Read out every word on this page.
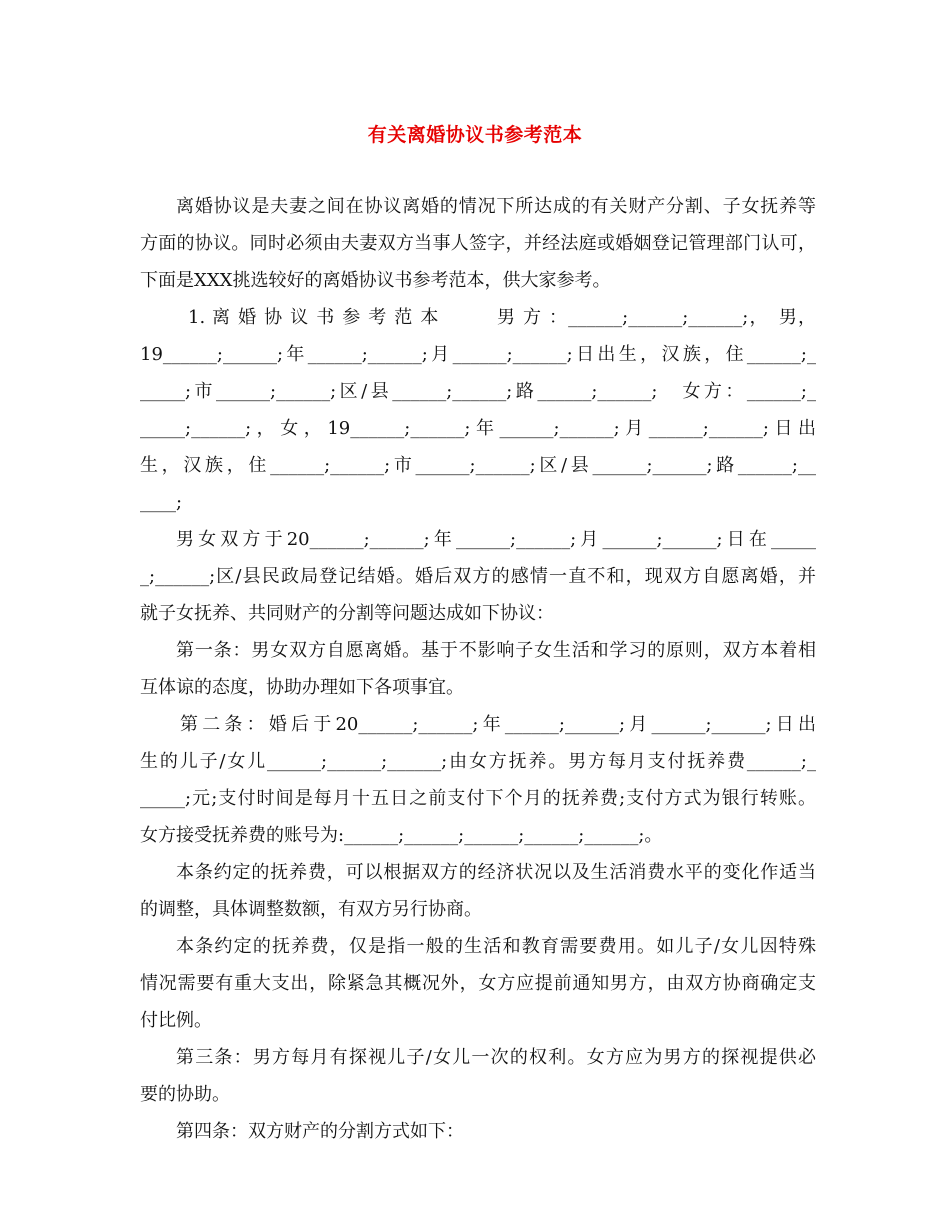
有关离婚协议书参考范本
离婚协议是夫妻之间在协议离婚的情况下所达成的有关财产分割、子女抚养等
方面的协议。同时必须由夫妻双方当事人签字，并经法庭或婚姻登记管理部门认可，
下面是XXX挑选较好的离婚协议书参考范本，供大家参考。
1. 离 婚 协 议 书 参 考 范 本　　　男 方 ：______;______;______;，　男，
19______;______;年______;______;月______;______;日出生，汉族，住______;_
_____;市______;______;区/县______;______;路______;______;　女方：______;_
_____;______;，女，19______;______;年______;______;月______;______;日出
生，汉族，住______;______;市______;______;区/县______;______;路______;__
____;
男女双方于20______;______;年______;______;月______;______;日在_____
_;______;区/县民政局登记结婚。婚后双方的感情一直不和，现双方自愿离婚，并
就子女抚养、共同财产的分割等问题达成如下协议：
第一条：男女双方自愿离婚。基于不影响子女生活和学习的原则，双方本着相
互体谅的态度，协助办理如下各项事宜。
第二条：婚后于20______;______;年______;______;月______;______;日出
生的儿子/女儿______;______;______;由女方抚养。男方每月支付抚养费______;_
_____;元;支付时间是每月十五日之前支付下个月的抚养费;支付方式为银行转账。
女方接受抚养费的账号为:______;______;______;______;______;。
本条约定的抚养费，可以根据双方的经济状况以及生活消费水平的变化作适当
的调整，具体调整数额，有双方另行协商。
本条约定的抚养费，仅是指一般的生活和教育需要费用。如儿子/女儿因特殊
情况需要有重大支出，除紧急其概况外，女方应提前通知男方，由双方协商确定支
付比例。
第三条：男方每月有探视儿子/女儿一次的权利。女方应为男方的探视提供必
要的协助。
第四条：双方财产的分割方式如下：
